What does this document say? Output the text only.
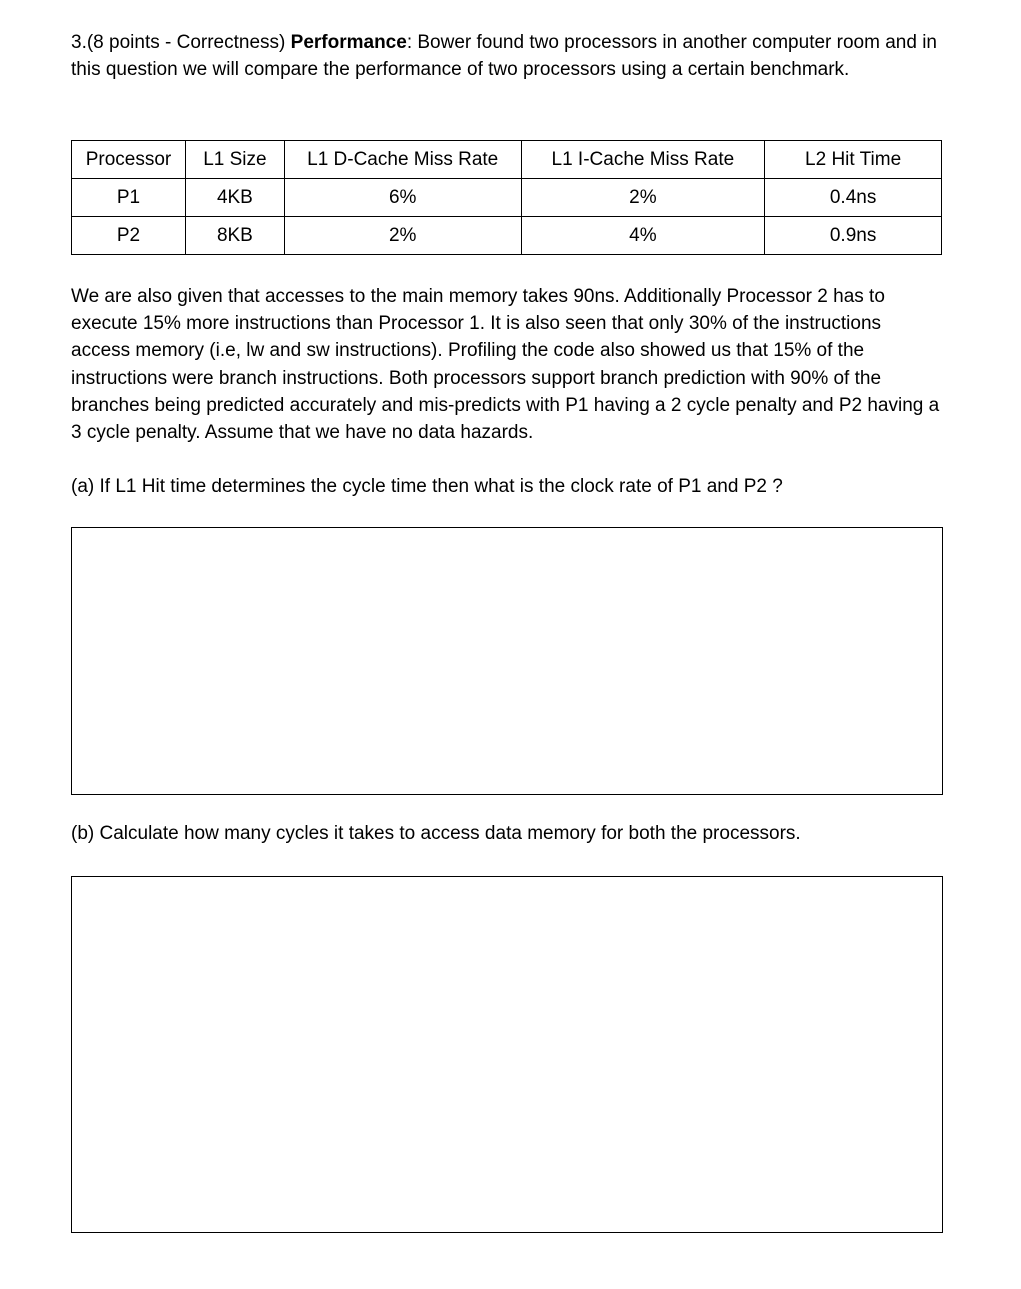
3.(8 points - Correctness) Performance: Bower found two processors in another computer room and in this question we will compare the performance of two processors using a certain benchmark.

Processor	L1 Size	L1 D-Cache Miss Rate	L1 I-Cache Miss Rate	L2 Hit Time
P1	4KB	6%	2%	0.4ns
P2	8KB	2%	4%	0.9ns

We are also given that accesses to the main memory takes 90ns. Additionally Processor 2 has to execute 15% more instructions than Processor 1. It is also seen that only 30% of the instructions access memory (i.e, lw and sw instructions). Profiling the code also showed us that 15% of the instructions were branch instructions. Both processors support branch prediction with 90% of the branches being predicted accurately and mis-predicts with P1 having a 2 cycle penalty and P2 having a 3 cycle penalty. Assume that we have no data hazards.

(a) If L1 Hit time determines the cycle time then what is the clock rate of P1 and P2 ?

(b) Calculate how many cycles it takes to access data memory for both the processors.
